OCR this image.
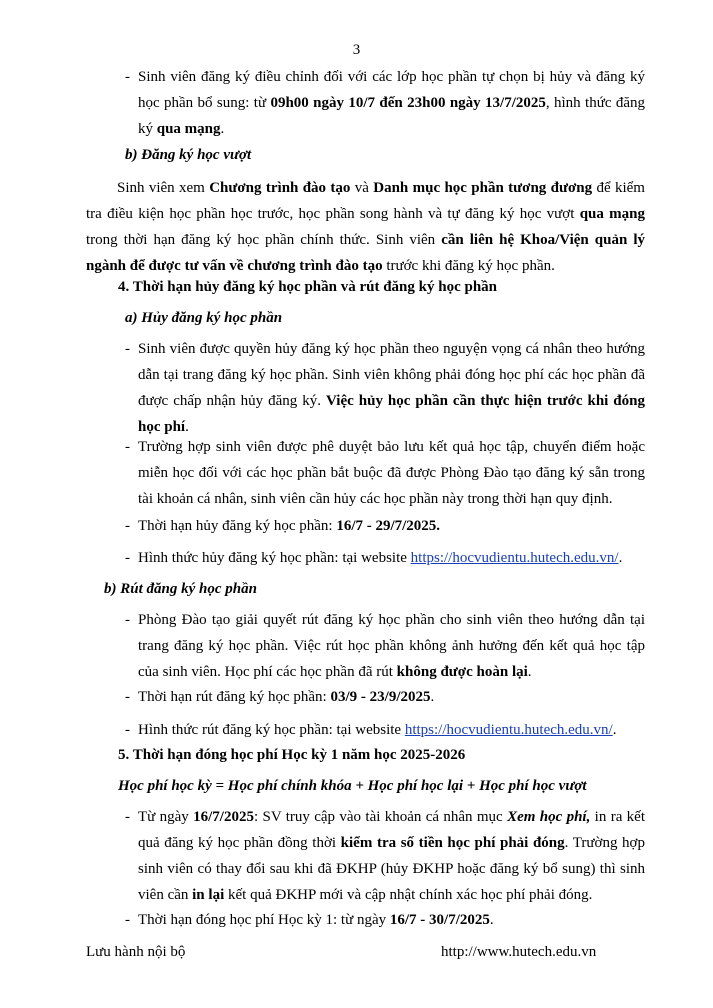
3
- Sinh viên đăng ký điều chỉnh đối với các lớp học phần tự chọn bị hủy và đăng ký học phần bổ sung: từ 09h00 ngày 10/7 đến 23h00 ngày 13/7/2025, hình thức đăng ký qua mạng.
b) Đăng ký học vượt
Sinh viên xem Chương trình đào tạo và Danh mục học phần tương đương để kiểm tra điều kiện học phần học trước, học phần song hành và tự đăng ký học vượt qua mạng trong thời hạn đăng ký học phần chính thức. Sinh viên cần liên hệ Khoa/Viện quản lý ngành để được tư vấn về chương trình đào tạo trước khi đăng ký học phần.
4. Thời hạn hủy đăng ký học phần và rút đăng ký học phần
a) Hủy đăng ký học phần
- Sinh viên được quyền hủy đăng ký học phần theo nguyện vọng cá nhân theo hướng dẫn tại trang đăng ký học phần. Sinh viên không phải đóng học phí các học phần đã được chấp nhận hủy đăng ký. Việc hủy học phần cần thực hiện trước khi đóng học phí.
- Trường hợp sinh viên được phê duyệt bảo lưu kết quả học tập, chuyển điểm hoặc miễn học đối với các học phần bắt buộc đã được Phòng Đào tạo đăng ký sẵn trong tài khoản cá nhân, sinh viên cần hủy các học phần này trong thời hạn quy định.
- Thời hạn hủy đăng ký học phần: 16/7 - 29/7/2025.
- Hình thức hủy đăng ký học phần: tại website https://hocvudientu.hutech.edu.vn/.
b) Rút đăng ký học phần
- Phòng Đào tạo giải quyết rút đăng ký học phần cho sinh viên theo hướng dẫn tại trang đăng ký học phần. Việc rút học phần không ảnh hưởng đến kết quả học tập của sinh viên. Học phí các học phần đã rút không được hoàn lại.
- Thời hạn rút đăng ký học phần: 03/9 - 23/9/2025.
- Hình thức rút đăng ký học phần: tại website https://hocvudientu.hutech.edu.vn/.
5. Thời hạn đóng học phí Học kỳ 1 năm học 2025-2026
Học phí học kỳ = Học phí chính khóa + Học phí học lại + Học phí học vượt
- Từ ngày 16/7/2025: SV truy cập vào tài khoản cá nhân mục Xem học phí, in ra kết quả đăng ký học phần đồng thời kiểm tra số tiền học phí phải đóng. Trường hợp sinh viên có thay đổi sau khi đã ĐKHP (hủy ĐKHP hoặc đăng ký bổ sung) thì sinh viên cần in lại kết quả ĐKHP mới và cập nhật chính xác học phí phải đóng.
- Thời hạn đóng học phí Học kỳ 1: từ ngày 16/7 - 30/7/2025.
Lưu hành nội bộ	http://www.hutech.edu.vn
